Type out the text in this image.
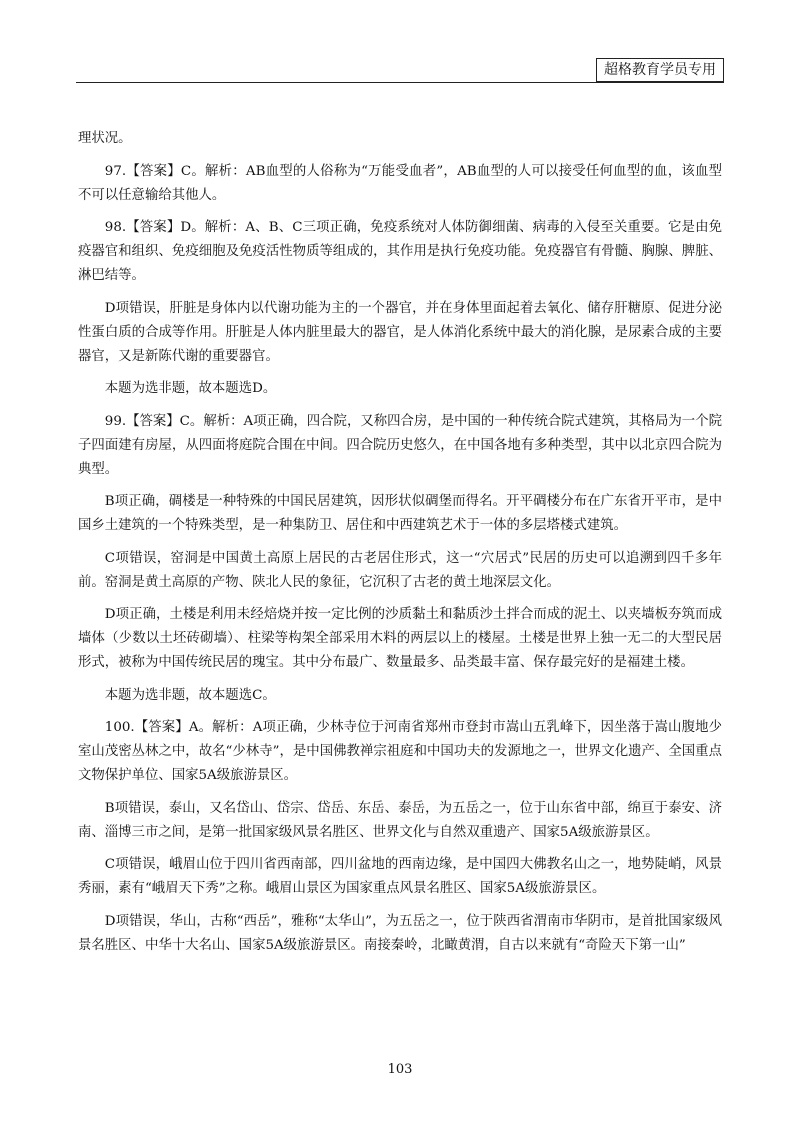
超格教育学员专用

理状况。

97.【答案】C。解析：AB血型的人俗称为“万能受血者”，AB血型的人可以接受任何血型的血，该血型不可以任意输给其他人。

98.【答案】D。解析：A、B、C三项正确，免疫系统对人体防御细菌、病毒的入侵至关重要。它是由免疫器官和组织、免疫细胞及免疫活性物质等组成的，其作用是执行免疫功能。免疫器官有骨髓、胸腺、脾脏、淋巴结等。

D项错误，肝脏是身体内以代谢功能为主的一个器官，并在身体里面起着去氧化、储存肝糖原、促进分泌性蛋白质的合成等作用。肝脏是人体内脏里最大的器官，是人体消化系统中最大的消化腺，是尿素合成的主要器官，又是新陈代谢的重要器官。

本题为选非题，故本题选D。

99.【答案】C。解析：A项正确，四合院，又称四合房，是中国的一种传统合院式建筑，其格局为一个院子四面建有房屋，从四面将庭院合围在中间。四合院历史悠久，在中国各地有多种类型，其中以北京四合院为典型。

B项正确，碉楼是一种特殊的中国民居建筑，因形状似碉堡而得名。开平碉楼分布在广东省开平市，是中国乡土建筑的一个特殊类型，是一种集防卫、居住和中西建筑艺术于一体的多层塔楼式建筑。

C项错误，窑洞是中国黄土高原上居民的古老居住形式，这一“穴居式”民居的历史可以追溯到四千多年前。窑洞是黄土高原的产物、陕北人民的象征，它沉积了古老的黄土地深层文化。

D项正确，土楼是利用未经焙烧并按一定比例的沙质黏土和黏质沙土拌合而成的泥土、以夹墙板夯筑而成墙体（少数以土坯砖砌墙）、柱梁等构架全部采用木料的两层以上的楼屋。土楼是世界上独一无二的大型民居形式，被称为中国传统民居的瑰宝。其中分布最广、数量最多、品类最丰富、保存最完好的是福建土楼。

本题为选非题，故本题选C。

100.【答案】A。解析：A项正确，少林寺位于河南省郑州市登封市嵩山五乳峰下，因坐落于嵩山腹地少室山茂密丛林之中，故名“少林寺”，是中国佛教禅宗祖庭和中国功夫的发源地之一，世界文化遗产、全国重点文物保护单位、国家5A级旅游景区。

B项错误，泰山，又名岱山、岱宗、岱岳、东岳、泰岳，为五岳之一，位于山东省中部，绵亘于泰安、济南、淄博三市之间，是第一批国家级风景名胜区、世界文化与自然双重遗产、国家5A级旅游景区。

C项错误，峨眉山位于四川省西南部，四川盆地的西南边缘，是中国四大佛教名山之一，地势陡峭，风景秀丽，素有“峨眉天下秀”之称。峨眉山景区为国家重点风景名胜区、国家5A级旅游景区。

D项错误，华山，古称“西岳”，雅称“太华山”，为五岳之一，位于陕西省渭南市华阴市，是首批国家级风景名胜区、中华十大名山、国家5A级旅游景区。南接秦岭，北瞰黄渭，自古以来就有“奇险天下第一山”

103
